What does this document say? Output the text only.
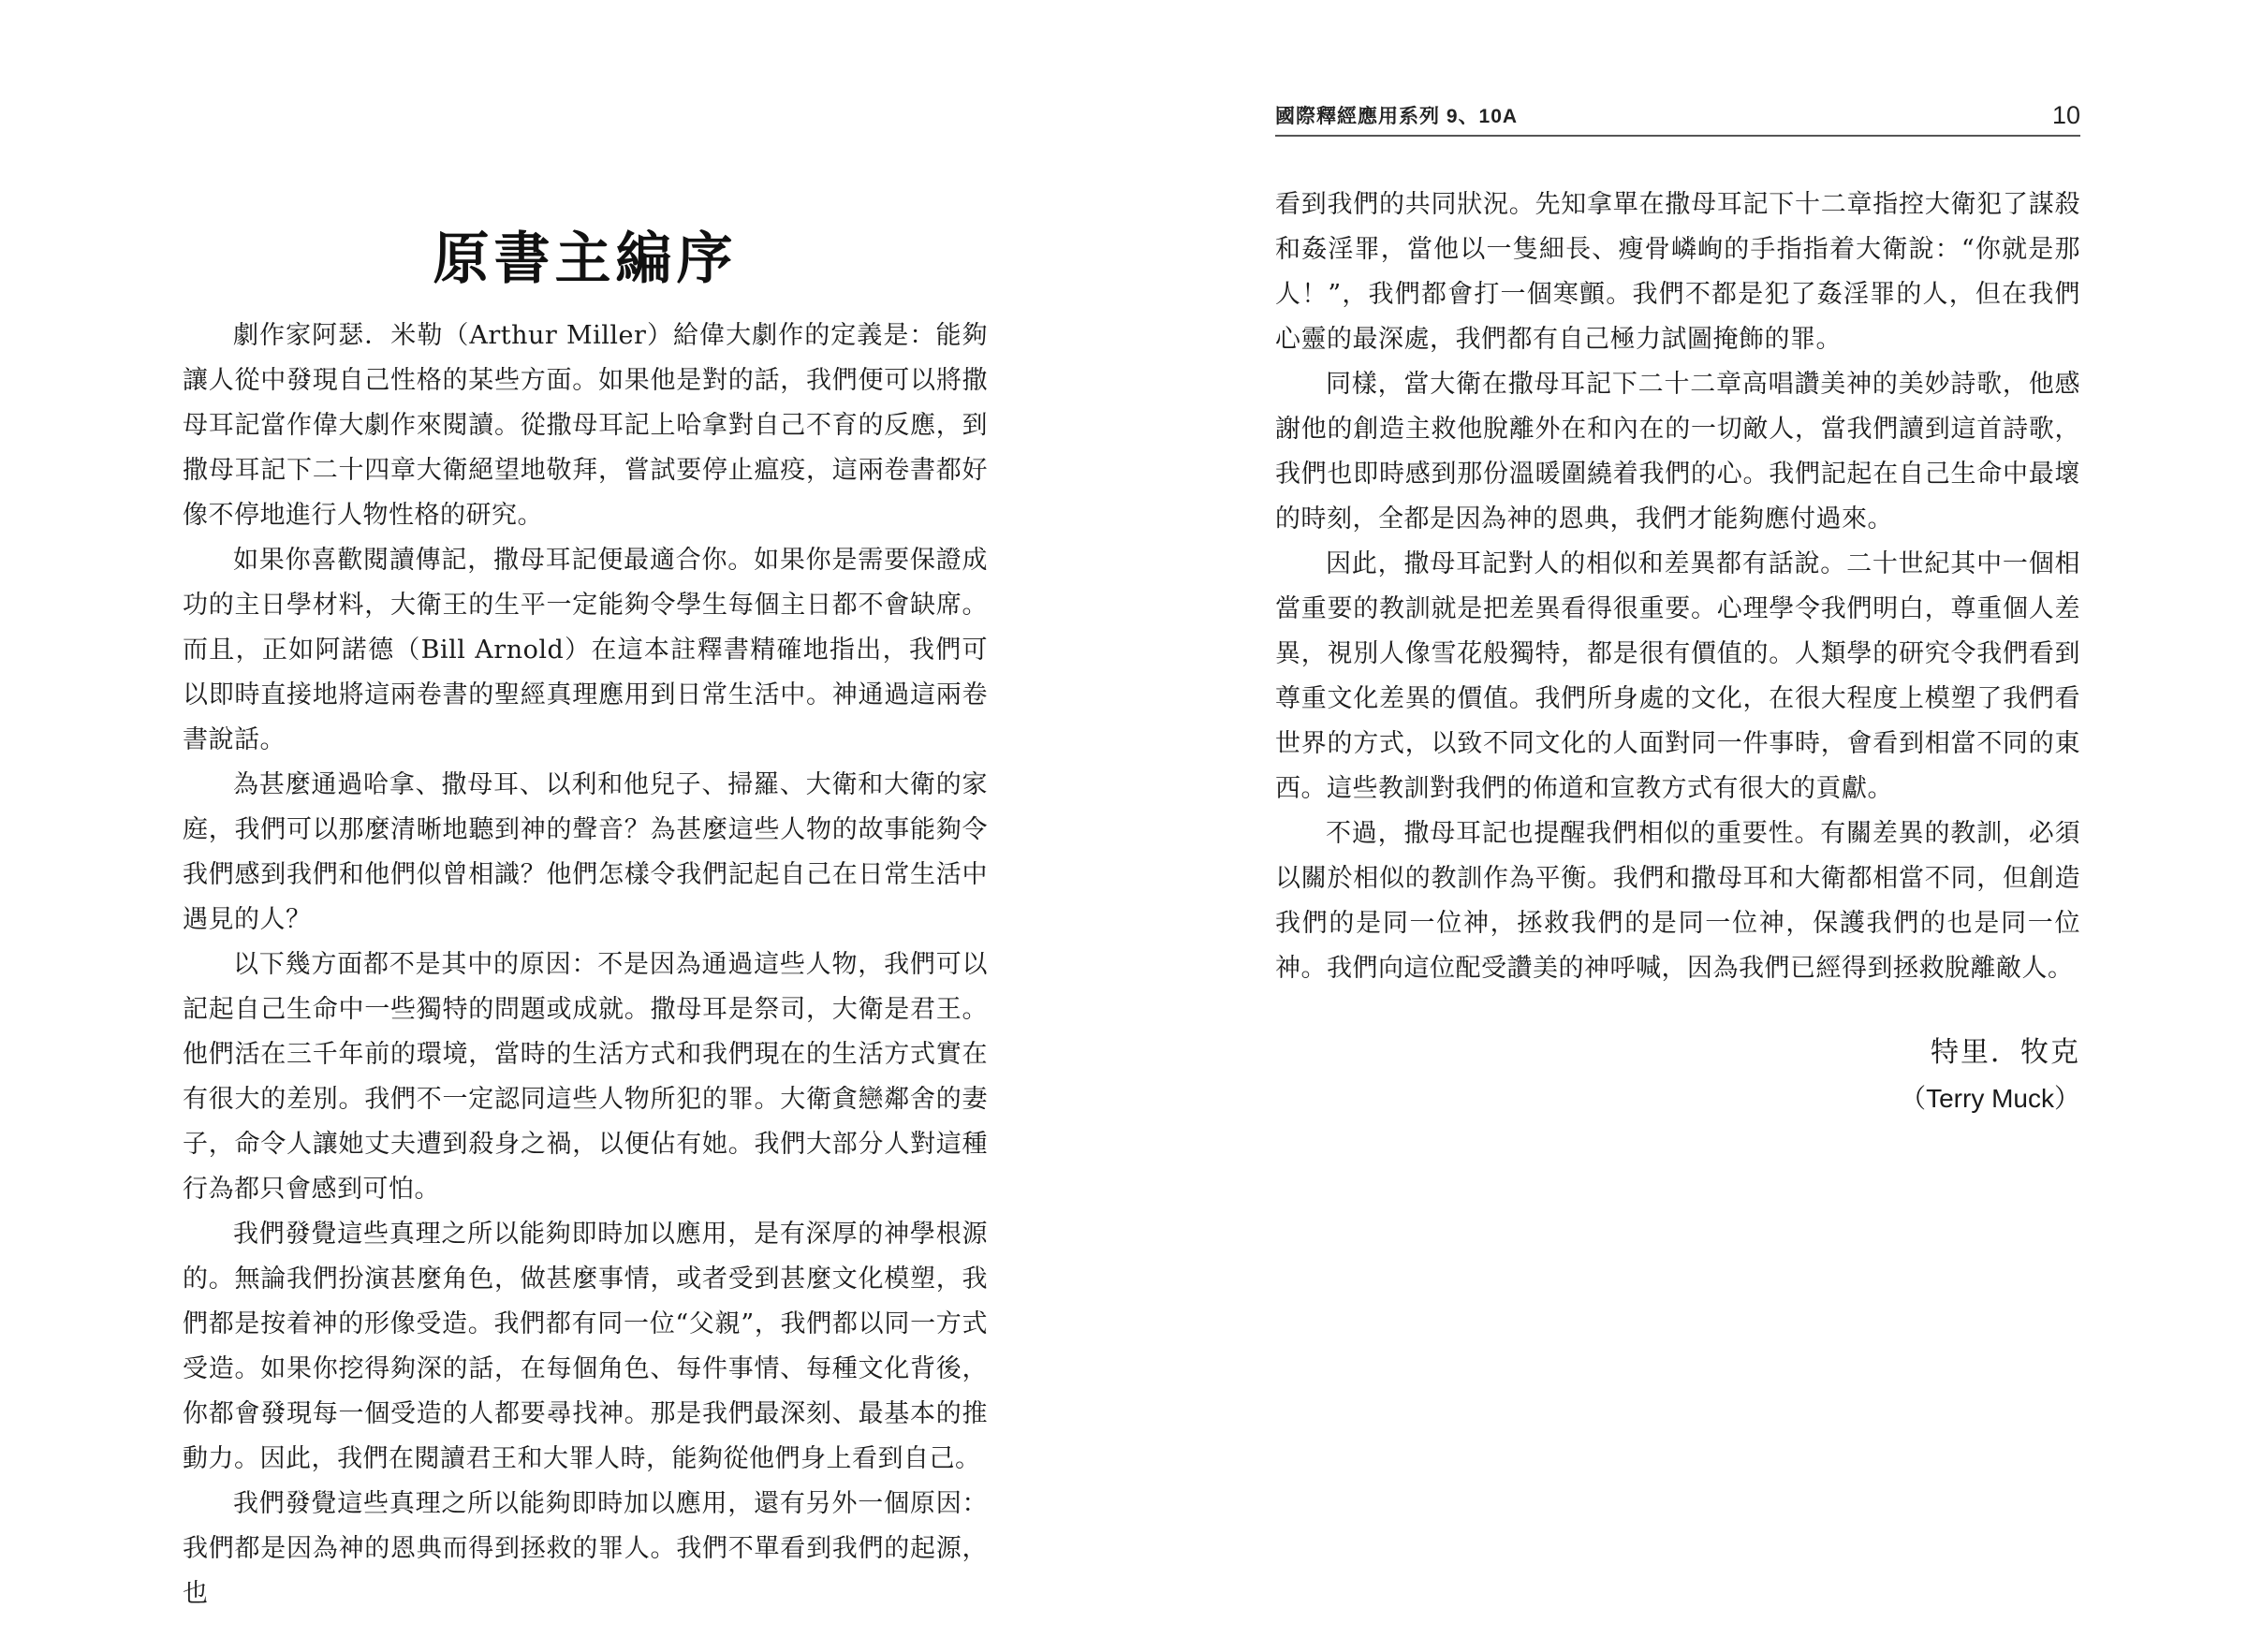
原書主編序

劇作家阿瑟．米勒（Arthur Miller）給偉大劇作的定義是：能夠讓人從中發現自己性格的某些方面。如果他是對的話，我們便可以將撒母耳記當作偉大劇作來閱讀。從撒母耳記上哈拿對自己不育的反應，到撒母耳記下二十四章大衛絕望地敬拜，嘗試要停止瘟疫，這兩卷書都好像不停地進行人物性格的研究。

如果你喜歡閱讀傳記，撒母耳記便最適合你。如果你是需要保證成功的主日學材料，大衛王的生平一定能夠令學生每個主日都不會缺席。而且，正如阿諾德（Bill Arnold）在這本註釋書精確地指出，我們可以即時直接地將這兩卷書的聖經真理應用到日常生活中。神通過這兩卷書說話。

為甚麼通過哈拿、撒母耳、以利和他兒子、掃羅、大衛和大衛的家庭，我們可以那麼清晰地聽到神的聲音？為甚麼這些人物的故事能夠令我們感到我們和他們似曾相識？他們怎樣令我們記起自己在日常生活中遇見的人？

以下幾方面都不是其中的原因：不是因為通過這些人物，我們可以記起自己生命中一些獨特的問題或成就。撒母耳是祭司，大衛是君王。他們活在三千年前的環境，當時的生活方式和我們現在的生活方式實在有很大的差別。我們不一定認同這些人物所犯的罪。大衛貪戀鄰舍的妻子，命令人讓她丈夫遭到殺身之禍，以便佔有她。我們大部分人對這種行為都只會感到可怕。

我們發覺這些真理之所以能夠即時加以應用，是有深厚的神學根源的。無論我們扮演甚麼角色，做甚麼事情，或者受到甚麼文化模塑，我們都是按着神的形像受造。我們都有同一位“父親”，我們都以同一方式受造。如果你挖得夠深的話，在每個角色、每件事情、每種文化背後，你都會發現每一個受造的人都要尋找神。那是我們最深刻、最基本的推動力。因此，我們在閱讀君王和大罪人時，能夠從他們身上看到自己。

我們發覺這些真理之所以能夠即時加以應用，還有另外一個原因：我們都是因為神的恩典而得到拯救的罪人。我們不單看到我們的起源，也

國際釋經應用系列 9、10A	10

看到我們的共同狀況。先知拿單在撒母耳記下十二章指控大衛犯了謀殺和姦淫罪，當他以一隻細長、瘦骨嶙峋的手指指着大衛說：“你就是那人！”，我們都會打一個寒顫。我們不都是犯了姦淫罪的人，但在我們心靈的最深處，我們都有自己極力試圖掩飾的罪。

同樣，當大衛在撒母耳記下二十二章高唱讚美神的美妙詩歌，他感謝他的創造主救他脫離外在和內在的一切敵人，當我們讀到這首詩歌，我們也即時感到那份溫暖圍繞着我們的心。我們記起在自己生命中最壞的時刻，全都是因為神的恩典，我們才能夠應付過來。

因此，撒母耳記對人的相似和差異都有話說。二十世紀其中一個相當重要的教訓就是把差異看得很重要。心理學令我們明白，尊重個人差異，視別人像雪花般獨特，都是很有價值的。人類學的研究令我們看到尊重文化差異的價值。我們所身處的文化，在很大程度上模塑了我們看世界的方式，以致不同文化的人面對同一件事時，會看到相當不同的東西。這些教訓對我們的佈道和宣教方式有很大的貢獻。

不過，撒母耳記也提醒我們相似的重要性。有關差異的教訓，必須以關於相似的教訓作為平衡。我們和撒母耳和大衛都相當不同，但創造我們的是同一位神，拯救我們的是同一位神，保護我們的也是同一位神。我們向這位配受讚美的神呼喊，因為我們已經得到拯救脫離敵人。

特里．牧克
（Terry Muck）
